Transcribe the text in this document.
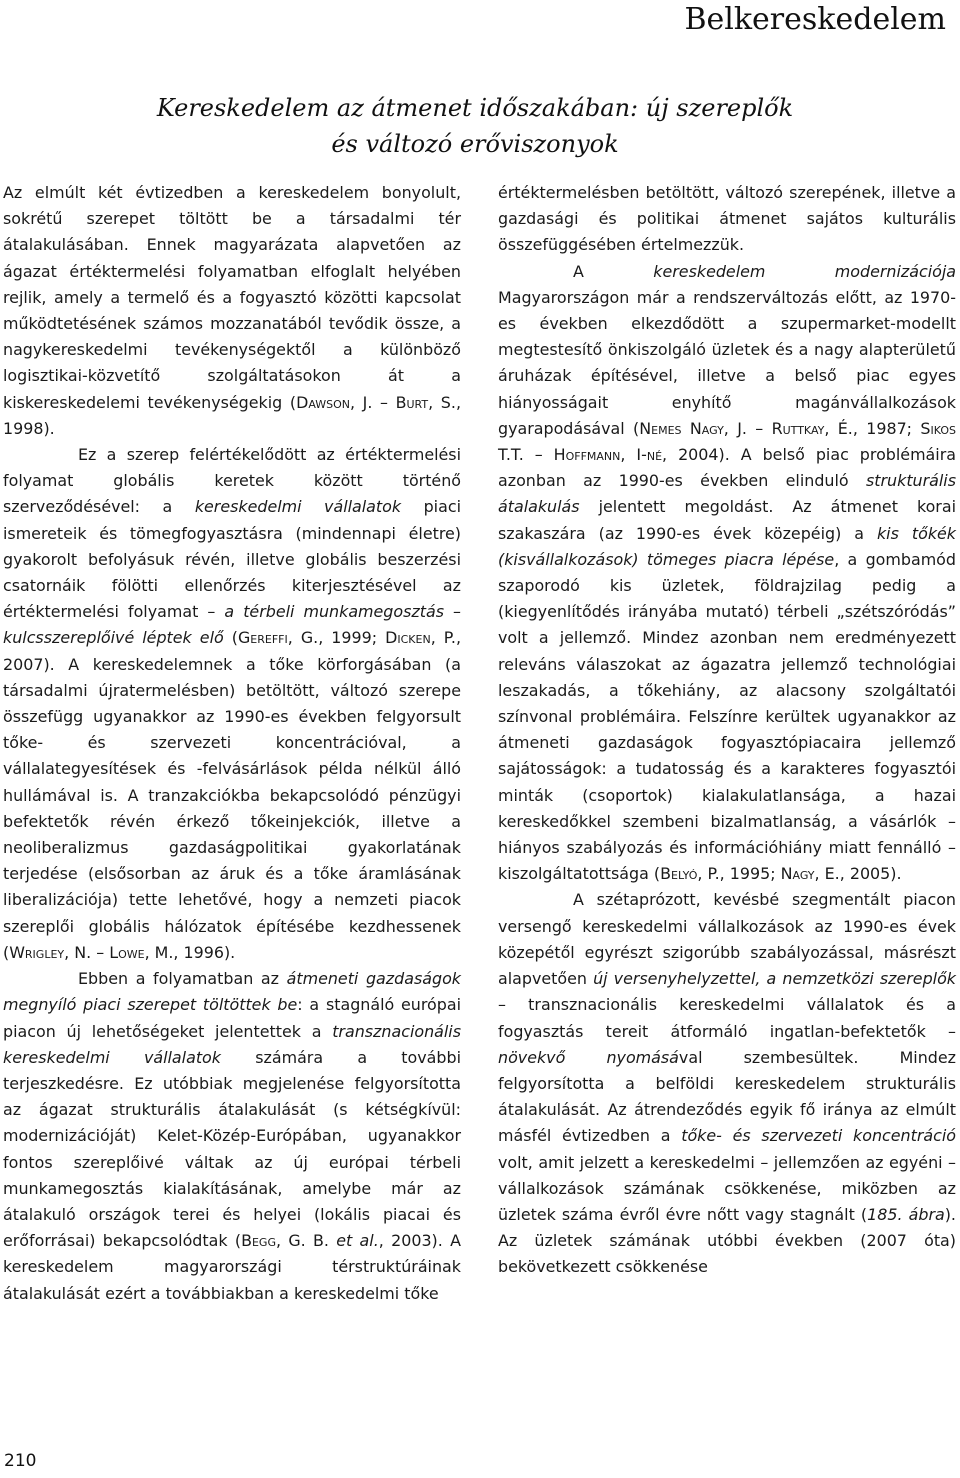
Belkereskedelem
Kereskedelem az átmenet időszakában: új szereplők
és változó erőviszonyok

Az elmúlt két évtizedben a kereskedelem bonyolult, sokrétű szerepet töltött be a társadalmi tér átalakulásában. Ennek magyarázata alapvetően az ágazat értéktermelési folyamatban elfoglalt helyében rejlik, amely a termelő és a fogyasztó közötti kapcsolat működtetésének számos mozzanatából tevődik össze, a nagykereskedelmi tevékenységektől a különböző logisztikai-közvetítő szolgáltatásokon át a kiskereskedelemi tevékenységekig (Dawson, J. – Burt, S., 1998).

Ez a szerep felértékelődött az értéktermelési folyamat globális keretek között történő szerveződésével: a kereskedelmi vállalatok piaci ismereteik és tömegfogyasztásra (mindennapi életre) gyakorolt befolyásuk révén, illetve globális beszerzési csatornáik fölötti ellenőrzés kiterjesztésével az értéktermelési folyamat – a térbeli munkamegosztás – kulcsszereplőivé léptek elő (Gereffi, G., 1999; Dicken, P., 2007). A kereskedelemnek a tőke körforgásában (a társadalmi újratermelésben) betöltött, változó szerepe összefügg ugyanakkor az 1990-es években felgyorsult tőke- és szervezeti koncentrációval, a vállalategyesítések és -felvásárlások példa nélkül álló hullámával is. A tranzakciókba bekapcsolódó pénzügyi befektetők révén érkező tőkeinjekciók, illetve a neoliberalizmus gazdaságpolitikai gyakorlatának terjedése (elsősorban az áruk és a tőke áramlásának liberalizációja) tette lehetővé, hogy a nemzeti piacok szereplői globális hálózatok építésébe kezdhessenek (Wrigley, N. – Lowe, M., 1996).

Ebben a folyamatban az átmeneti gazdaságok megnyíló piaci szerepet töltöttek be: a stagnáló európai piacon új lehetőségeket jelentettek a transznacionális kereskedelmi vállalatok számára a további terjeszkedésre. Ez utóbbiak megjelenése felgyorsította az ágazat strukturális átalakulását (s kétségkívül: modernizációját) Kelet-Közép-Európában, ugyanakkor fontos szereplőivé váltak az új európai térbeli munkamegosztás kialakításának, amelybe már az átalakuló országok terei és helyei (lokális piacai és erőforrásai) bekapcsolódtak (Begg, G. B. et al., 2003). A kereskedelem magyarországi térstruktúráinak átalakulását ezért a továbbiakban a kereskedelmi tőke

értéktermelésben betöltött, változó szerepének, illetve a gazdasági és politikai átmenet sajátos kulturális összefüggésében értelmezzük.

A kereskedelem modernizációja Magyarországon már a rendszerváltozás előtt, az 1970-es években elkezdődött a szupermarket-modellt megtestesítő önkiszolgáló üzletek és a nagy alapterületű áruházak építésével, illetve a belső piac egyes hiányosságait enyhítő magánvállalkozások gyarapodásával (Nemes Nagy, J. – Ruttkay, É., 1987; Sikos T.T. – Hoffmann, I-né, 2004). A belső piac problémáira azonban az 1990-es években elinduló strukturális átalakulás jelentett megoldást. Az átmenet korai szakaszára (az 1990-es évek közepéig) a kis tőkék (kisvállalkozások) tömeges piacra lépése, a gombamód szaporodó kis üzletek, földrajzilag pedig a (kiegyenlítődés irányába mutató) térbeli „szétszóródás” volt a jellemző. Mindez azonban nem eredményezett releváns válaszokat az ágazatra jellemző technológiai leszakadás, a tőkehiány, az alacsony szolgáltatói színvonal problémáira. Felszínre kerültek ugyanakkor az átmeneti gazdaságok fogyasztópiacaira jellemző sajátosságok: a tudatosság és a karakteres fogyasztói minták (csoportok) kialakulatlansága, a hazai kereskedőkkel szembeni bizalmatlanság, a vásárlók – hiányos szabályozás és információhiány miatt fennálló –kiszolgáltatottsága (Belyó, P., 1995; Nagy, E., 2005).

A szétaprózott, kevésbé szegmentált piacon versengő kereskedelmi vállalkozások az 1990-es évek közepétől egyrészt szigorúbb szabályozással, másrészt alapvetően új versenyhelyzettel, a nemzetközi szereplők – transznacionális kereskedelmi vállalatok és a fogyasztás tereit átformáló ingatlan-befektetők – növekvő nyomásával szembesültek. Mindez felgyorsította a belföldi kereskedelem strukturális átalakulását. Az átrendeződés egyik fő iránya az elmúlt másfél évtizedben a tőke- és szervezeti koncentráció volt, amit jelzett a kereskedelmi – jellemzően az egyéni – vállalkozások számának csökkenése, miközben az üzletek száma évről évre nőtt vagy stagnált (185. ábra). Az üzletek számának utóbbi években (2007 óta) bekövetkezett csökkenése

210
